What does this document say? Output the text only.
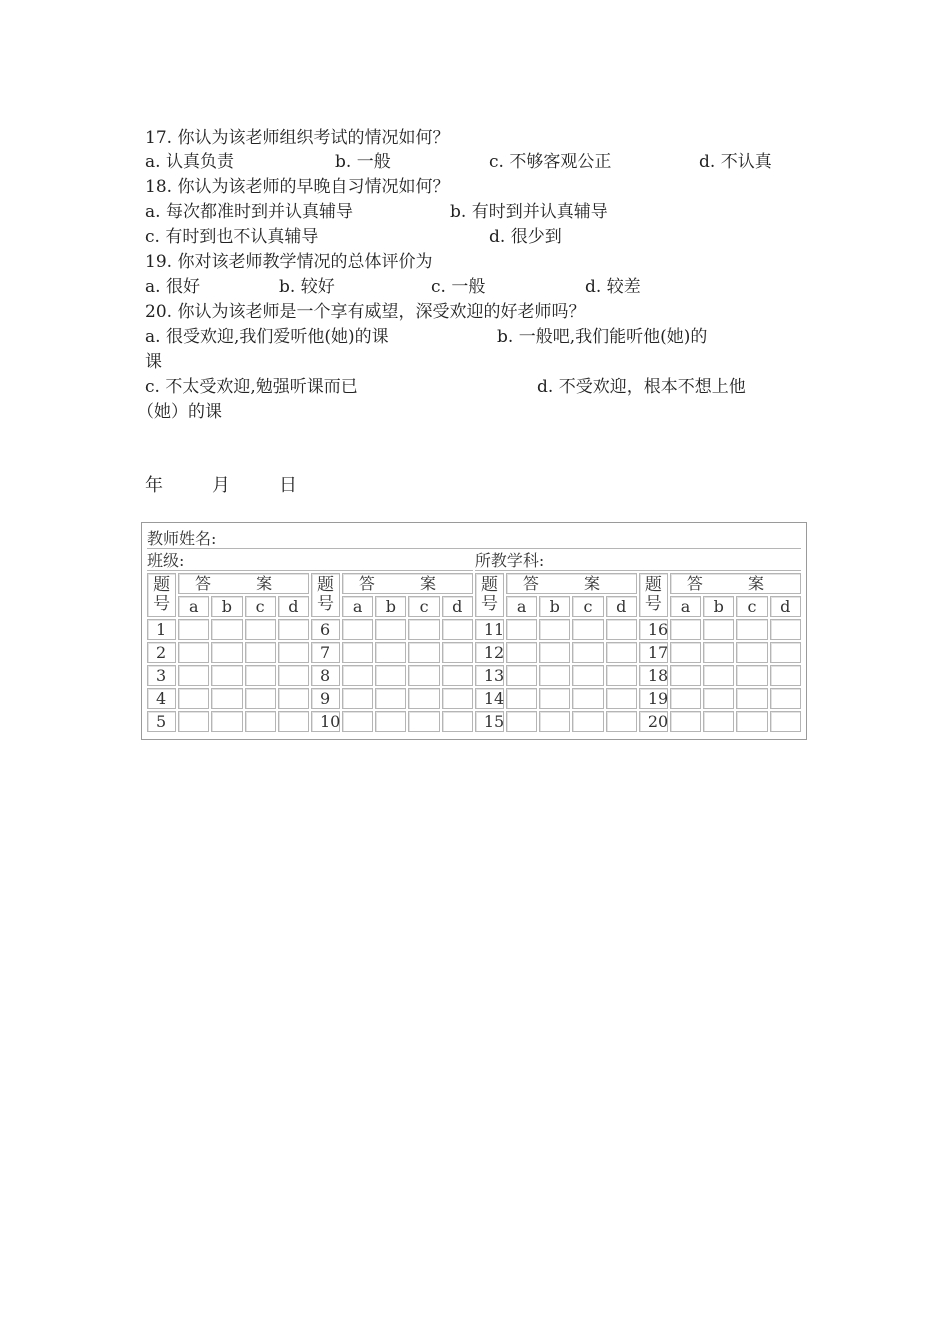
17. 你认为该老师组织考试的情况如何？
a. 认真负责	b. 一般	c. 不够客观公正	d. 不认真
18. 你认为该老师的早晚自习情况如何？
a. 每次都准时到并认真辅导	b. 有时到并认真辅导
c. 有时到也不认真辅导	d. 很少到
19. 你对该老师教学情况的总体评价为
a. 很好	b. 较好	c. 一般	d. 较差
20. 你认为该老师是一个享有威望，深受欢迎的好老师吗？
a. 很受欢迎,我们爱听他(她)的课	b. 一般吧,我们能听他(她)的
课
c. 不太受欢迎,勉强听课而已	d. 不受欢迎，根本不想上他
（她）的课
年	月	日
教师姓名:																			
班级:										所教学科:									
题
号	答 案				题
号	答 案				题
号	答 案				题
号	答 案			
	a	b	c	d		a	b	c	d		a	b	c	d		a	b	c	d
1					6					11					16				
2					7					12					17				
3					8					13					18				
4					9					14					19				
5					10					15					20				
